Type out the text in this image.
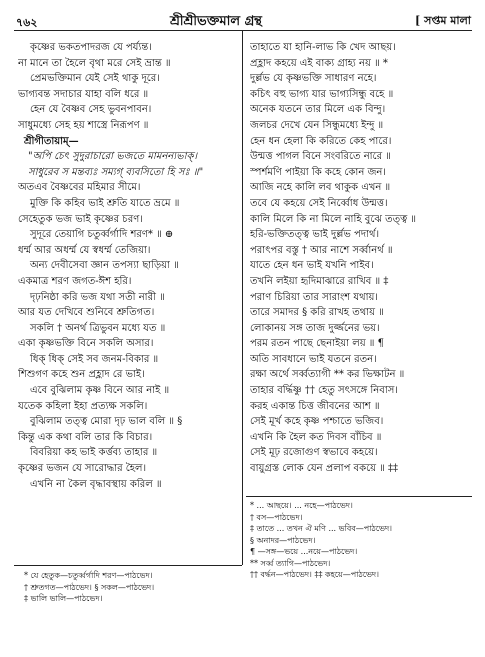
৭৬২	শ্রীশ্রীভক্তমাল গ্রন্থ	[ সপ্তম মালা
কৃষ্ণের ভকতপাদরজ যে পর্য্যন্ত।
না মানে তা হৈলে বৃথা মরে সেই ভ্রান্ত ॥
প্রেমভক্তিমান যেই সেই থাকু দূরে।
ভাগ্যবন্ত সদাচার যাহা বলি ধরে ॥
হেন যে বৈষ্ণব সেহ ভুবনপাবন।
সাধুমধ্যে সেহ হয় শাস্ত্রে নিরূপণ ॥
শ্রীগীতায়াম্—
"অপি চেৎ সুদুরাচারো ভজতে মামনন্যভাক্।
সাধুরেব স মন্তব্যঃ সম্যগ্ ব্যবসিতো হি সঃ ॥"
অতএব বৈষ্ণবের মহিমার সীমে।
মুক্তি কি কহিব ভাই শ্রুতি যাতে ভ্রমে ॥
সেহেতুক ভজ ভাই কৃষ্ণের চরণ।
সুদূরে তেয়াগি চতুর্ব্বর্গাদি শরণ* ॥ ⊕
ধর্ম্ম আর অধর্ম্ম যে স্বধর্ম্ম তেজিয়া।
অন্য দেবীসেবা জ্ঞান তপস্যা ছাড়িয়া ॥
একমাত্র শরণ জগত-ঈশ হরি।
দৃঢ়নিষ্ঠা করি ভজ যথা সতী নারী ॥
আর যত দেখিবে শুনিবে শ্রুতিগত।
সকলি † অনর্থ ত্রিভুবন মধ্যে যত ॥
একা কৃষ্ণভক্তি বিনে সকলি অসার।
ধিক্ ধিক্ সেই সব জনম-বিকার ॥
শিশুগণ কহে শুন প্রহ্লাদ রে ভাই।
এবে বুঝিলাম কৃষ্ণ বিনে আর নাই ॥
যতেক কহিলা ইহা প্রত্যক্ষ সকলি।
বুঝিলাম তত্ত্ব মোরা দৃঢ় ভাল বলি ॥ §
কিন্তু এক কথা বলি তার কি বিচার।
বিবরিয়া কহ ভাই কর্ত্তব্য তাহার ॥
কৃষ্ণের ভজন যে সারোদ্ধার হৈল।
এখনি না কৈল বৃদ্ধাবস্থায় করিল ॥
তাহাতে যা হানি-লাভ কি খেদ আছয়।
প্রহ্লাদ কহয়ে এই বাক্য গ্রাহ্য নয় ॥ *
দুর্ল্লভ যে কৃষ্ণভক্তি সাধারণ নহে।
কচিৎ বহু ভাগ্য যার ভাগ্যসিন্ধু বহে ॥
অনেক যতনে তার মিলে এক বিন্দু।
জলচর দেখে যেন সিন্ধুমধ্যে ইন্দু ॥
হেন ধন হেলা কি করিতে কেহ পারে।
উন্মত্ত পাগল বিনে সংবরিতে নারে ॥
স্পর্শমণি পাইয়া কি কহে কোন জন।
আজি নহে কালি লব থাকুক এখন ॥
তবে যে কহয়ে সেই নির্ব্বোধ উন্মত্ত।
কালি মিলে কি না মিলে নাহি বুঝে তত্ত্ব ॥
হরি-ভক্তিতত্ত্ব ভাই দুর্ল্লভ পদার্থ।
পরাৎপর বস্তু † আর নাশে সর্ব্বানর্থ ॥
যাতে হেন ধন ভাই যখনি পাইব।
তখনি লইয়া হৃদিমাঝারে রাখিব ॥ ‡
পরাণ চিরিয়া তার সারাংশ যথায়।
তারে সমাদর § করি রাখহ তথায় ॥
লোকানয় সঙ্গ তাজ দুর্জ্জনের ভয়।
পরম রতন পাছে ছেনাইয়া লয় ॥ ¶
অতি সাবধানে ভাই যতনে রতন।
রক্ষা অর্থে সর্ব্বত্যাগী ** কর ভিক্ষাটন ॥
তাহার বর্দ্ধিষ্ণু †† হেতু সৎসঙ্গে নিবাস।
করহ একান্ত চিত্ত জীবনের আশ ॥
সেই মূর্খ কহে কৃষ্ণ পশ্চাতে ভজিব।
এখনি কি হৈল কত দিবস বাঁচিব ॥
সেই মূঢ় রজোগুণ স্বভাবে কহয়ে।
বায়ুগ্রস্ত লোক যেন প্রলাপ বকয়ে ॥ ‡‡
* যে হেতুক—চতুর্ব্বর্গাদি শরণ—পাঠভেদ।
† শ্রুতগত—পাঠভেদ। § সকল—পাঠভেদ।
‡ ভালি ভালি—পাঠভেদ।
* ... আছয়ে। ... নহে—পাঠভেদ।
† বস—পাঠভেদ।
‡ তাতে ... তখন ঐ মণি ... ভবিব—পাঠভেদ।
§ অনাদর—পাঠভেদ।
¶ —সঙ্গ—ভয়ে ...নয়ে—পাঠভেদ।
** সর্ব্ব ত্যাগি—পাঠভেদ।
†† বর্দ্ধন—পাঠভেদ। ‡‡ কহয়ে—পাঠভেদ।
